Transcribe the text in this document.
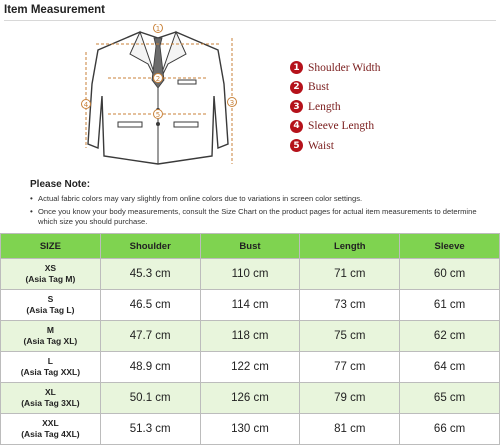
Item Measurement
1
2
3
4
5
1 Shoulder Width
2 Bust
3 Length
4 Sleeve Length
5 Waist
Please Note:
• Actual fabric colors may vary slightly from online colors due to variations in screen color settings.
• Once you know your body measurements, consult the Size Chart on the product pages for actual item measurements to determine which size you should purchase.
SIZE	Shoulder	Bust	Length	Sleeve

XS
(Asia Tag M)	45.3 cm	110 cm	71 cm	60 cm

S
(Asia Tag L)	46.5 cm	114 cm	73 cm	61 cm

M
(Asia Tag XL)	47.7 cm	118 cm	75 cm	62 cm

L
(Asia Tag XXL)	48.9 cm	122 cm	77 cm	64 cm

XL
(Asia Tag 3XL)	50.1 cm	126 cm	79 cm	65 cm

XXL
(Asia Tag 4XL)	51.3 cm	130 cm	81 cm	66 cm
